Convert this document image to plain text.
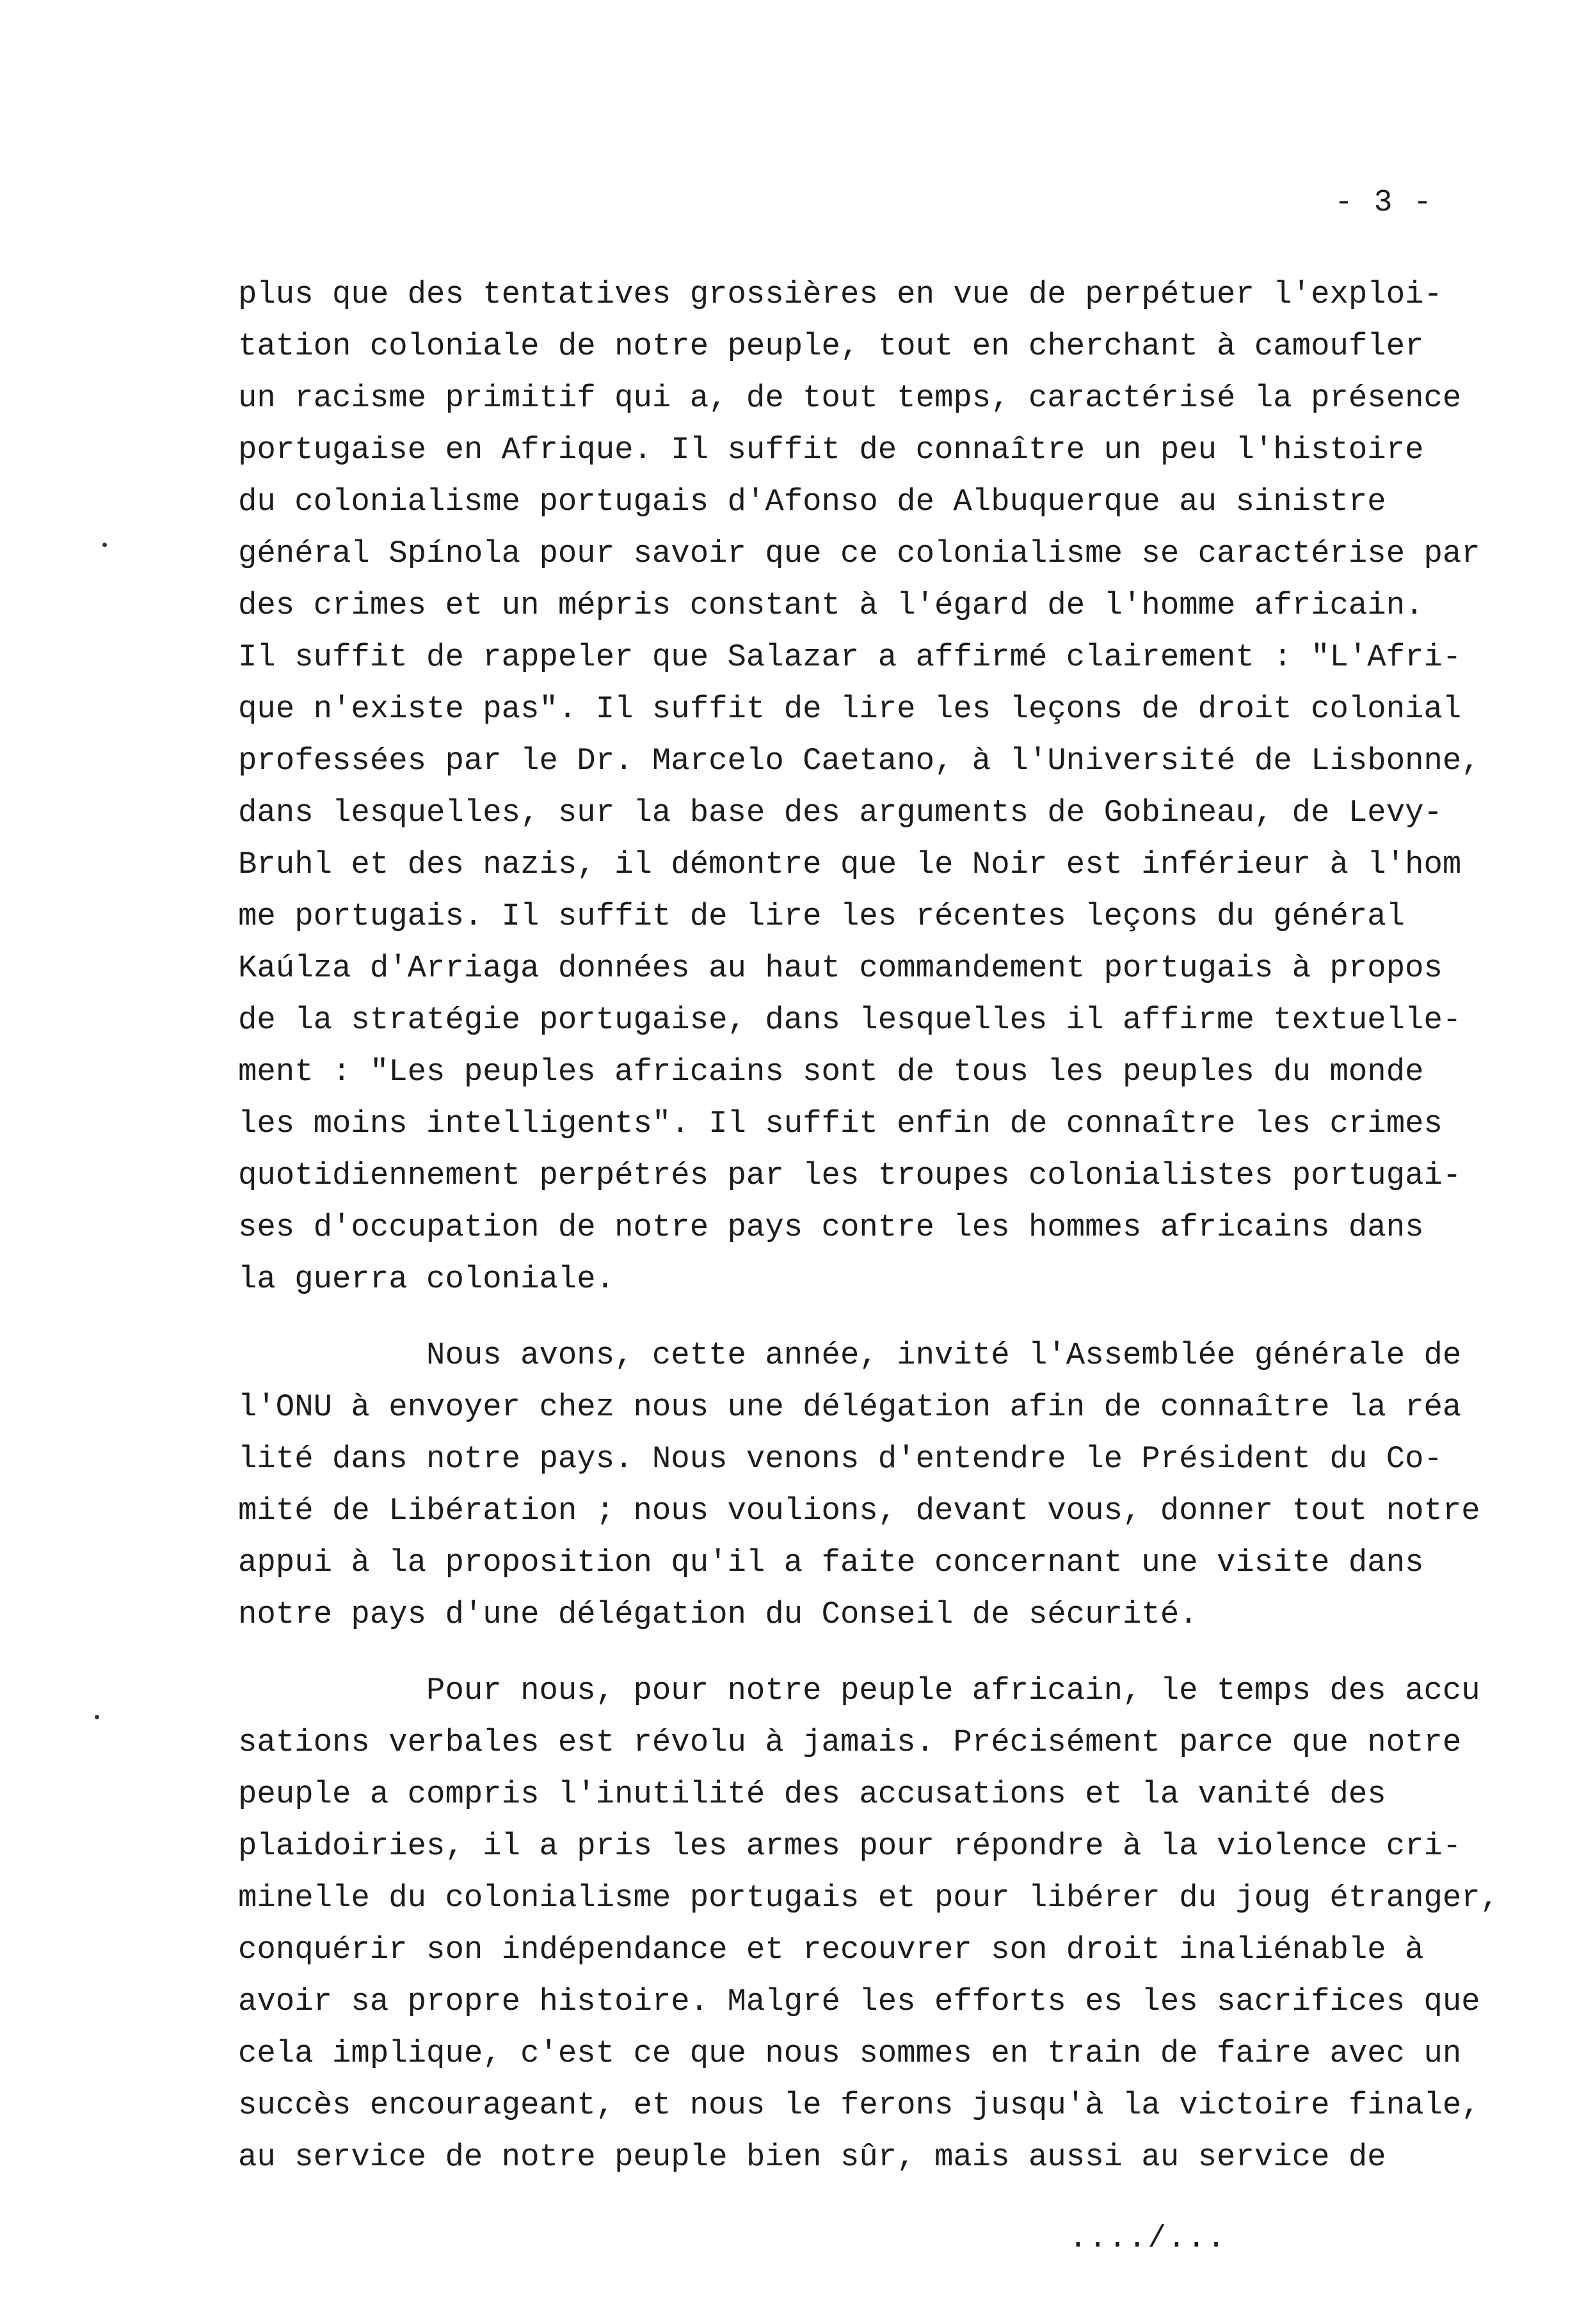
- 3 -
plus que des tentatives grossières en vue de perpétuer l'exploi-
tation coloniale de notre peuple, tout en cherchant à camoufler
un racisme primitif qui a, de tout temps, caractérisé la présence
portugaise en Afrique. Il suffit de connaître un peu l'histoire
du colonialisme portugais d'Afonso de Albuquerque au sinistre
général Spínola pour savoir que ce colonialisme se caractérise par
des crimes et un mépris constant à l'égard de l'homme africain.
Il suffit de rappeler que Salazar a affirmé clairement : "L'Afri-
que n'existe pas". Il suffit de lire les leçons de droit colonial
professées par le Dr. Marcelo Caetano, à l'Université de Lisbonne,
dans lesquelles, sur la base des arguments de Gobineau, de Levy-
Bruhl et des nazis, il démontre que le Noir est inférieur à l'hom
me portugais. Il suffit de lire les récentes leçons du général
Kaúlza d'Arriaga données au haut commandement portugais à propos
de la stratégie portugaise, dans lesquelles il affirme textuelle-
ment : "Les peuples africains sont de tous les peuples du monde
les moins intelligents". Il suffit enfin de connaître les crimes
quotidiennement perpétrés par les troupes colonialistes portugai-
ses d'occupation de notre pays contre les hommes africains dans
la guerra coloniale.
Nous avons, cette année, invité l'Assemblée générale de
l'ONU à envoyer chez nous une délégation afin de connaître la réa
lité dans notre pays. Nous venons d'entendre le Président du Co-
mité de Libération ; nous voulions, devant vous, donner tout notre
appui à la proposition qu'il a faite concernant une visite dans
notre pays d'une délégation du Conseil de sécurité.
Pour nous, pour notre peuple africain, le temps des accu
sations verbales est révolu à jamais. Précisément parce que notre
peuple a compris l'inutilité des accusations et la vanité des
plaidoiries, il a pris les armes pour répondre à la violence cri-
minelle du colonialisme portugais et pour libérer du joug étranger,
conquérir son indépendance et recouvrer son droit inaliénable à
avoir sa propre histoire. Malgré les efforts es les sacrifices que
cela implique, c'est ce que nous sommes en train de faire avec un
succès encourageant, et nous le ferons jusqu'à la victoire finale,
au service de notre peuple bien sûr, mais aussi au service de
..../...
